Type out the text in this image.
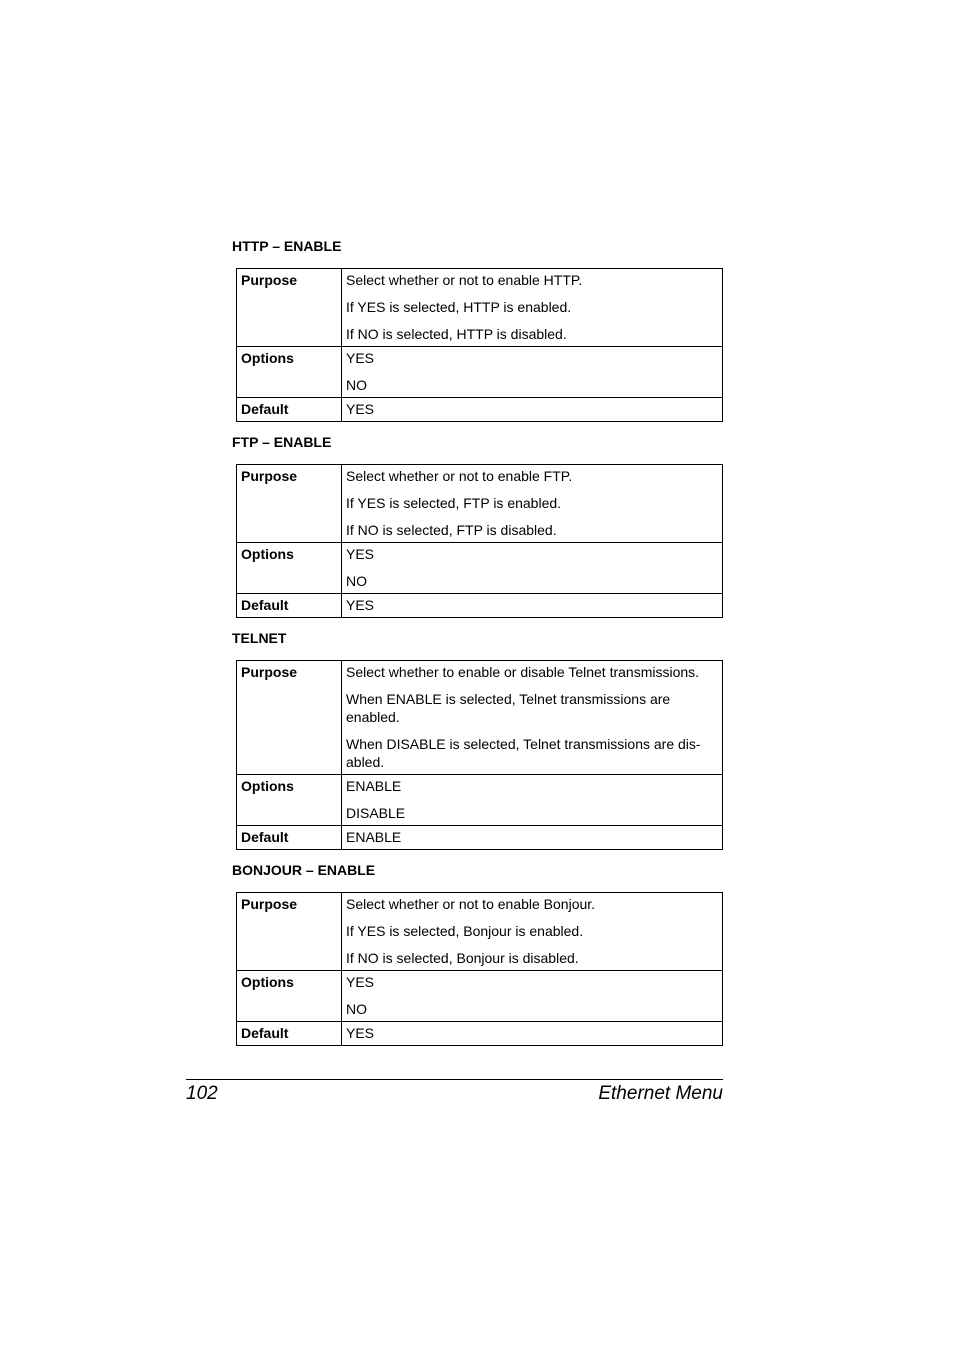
HTTP – ENABLE
Purpose	Select whether or not to enable HTTP.

If YES is selected, HTTP is enabled.

If NO is selected, HTTP is disabled.

Options	YES

NO

Default	YES
FTP – ENABLE
Purpose	Select whether or not to enable FTP.

If YES is selected, FTP is enabled.

If NO is selected, FTP is disabled.

Options	YES

NO

Default	YES
TELNET
Purpose	Select whether to enable or disable Telnet transmissions.

When ENABLE is selected, Telnet transmissions are enabled.

When DISABLE is selected, Telnet transmissions are dis-abled.

Options	ENABLE

DISABLE

Default	ENABLE
BONJOUR – ENABLE
Purpose	Select whether or not to enable Bonjour.

If YES is selected, Bonjour is enabled.

If NO is selected, Bonjour is disabled.

Options	YES

NO

Default	YES
102	Ethernet Menu
